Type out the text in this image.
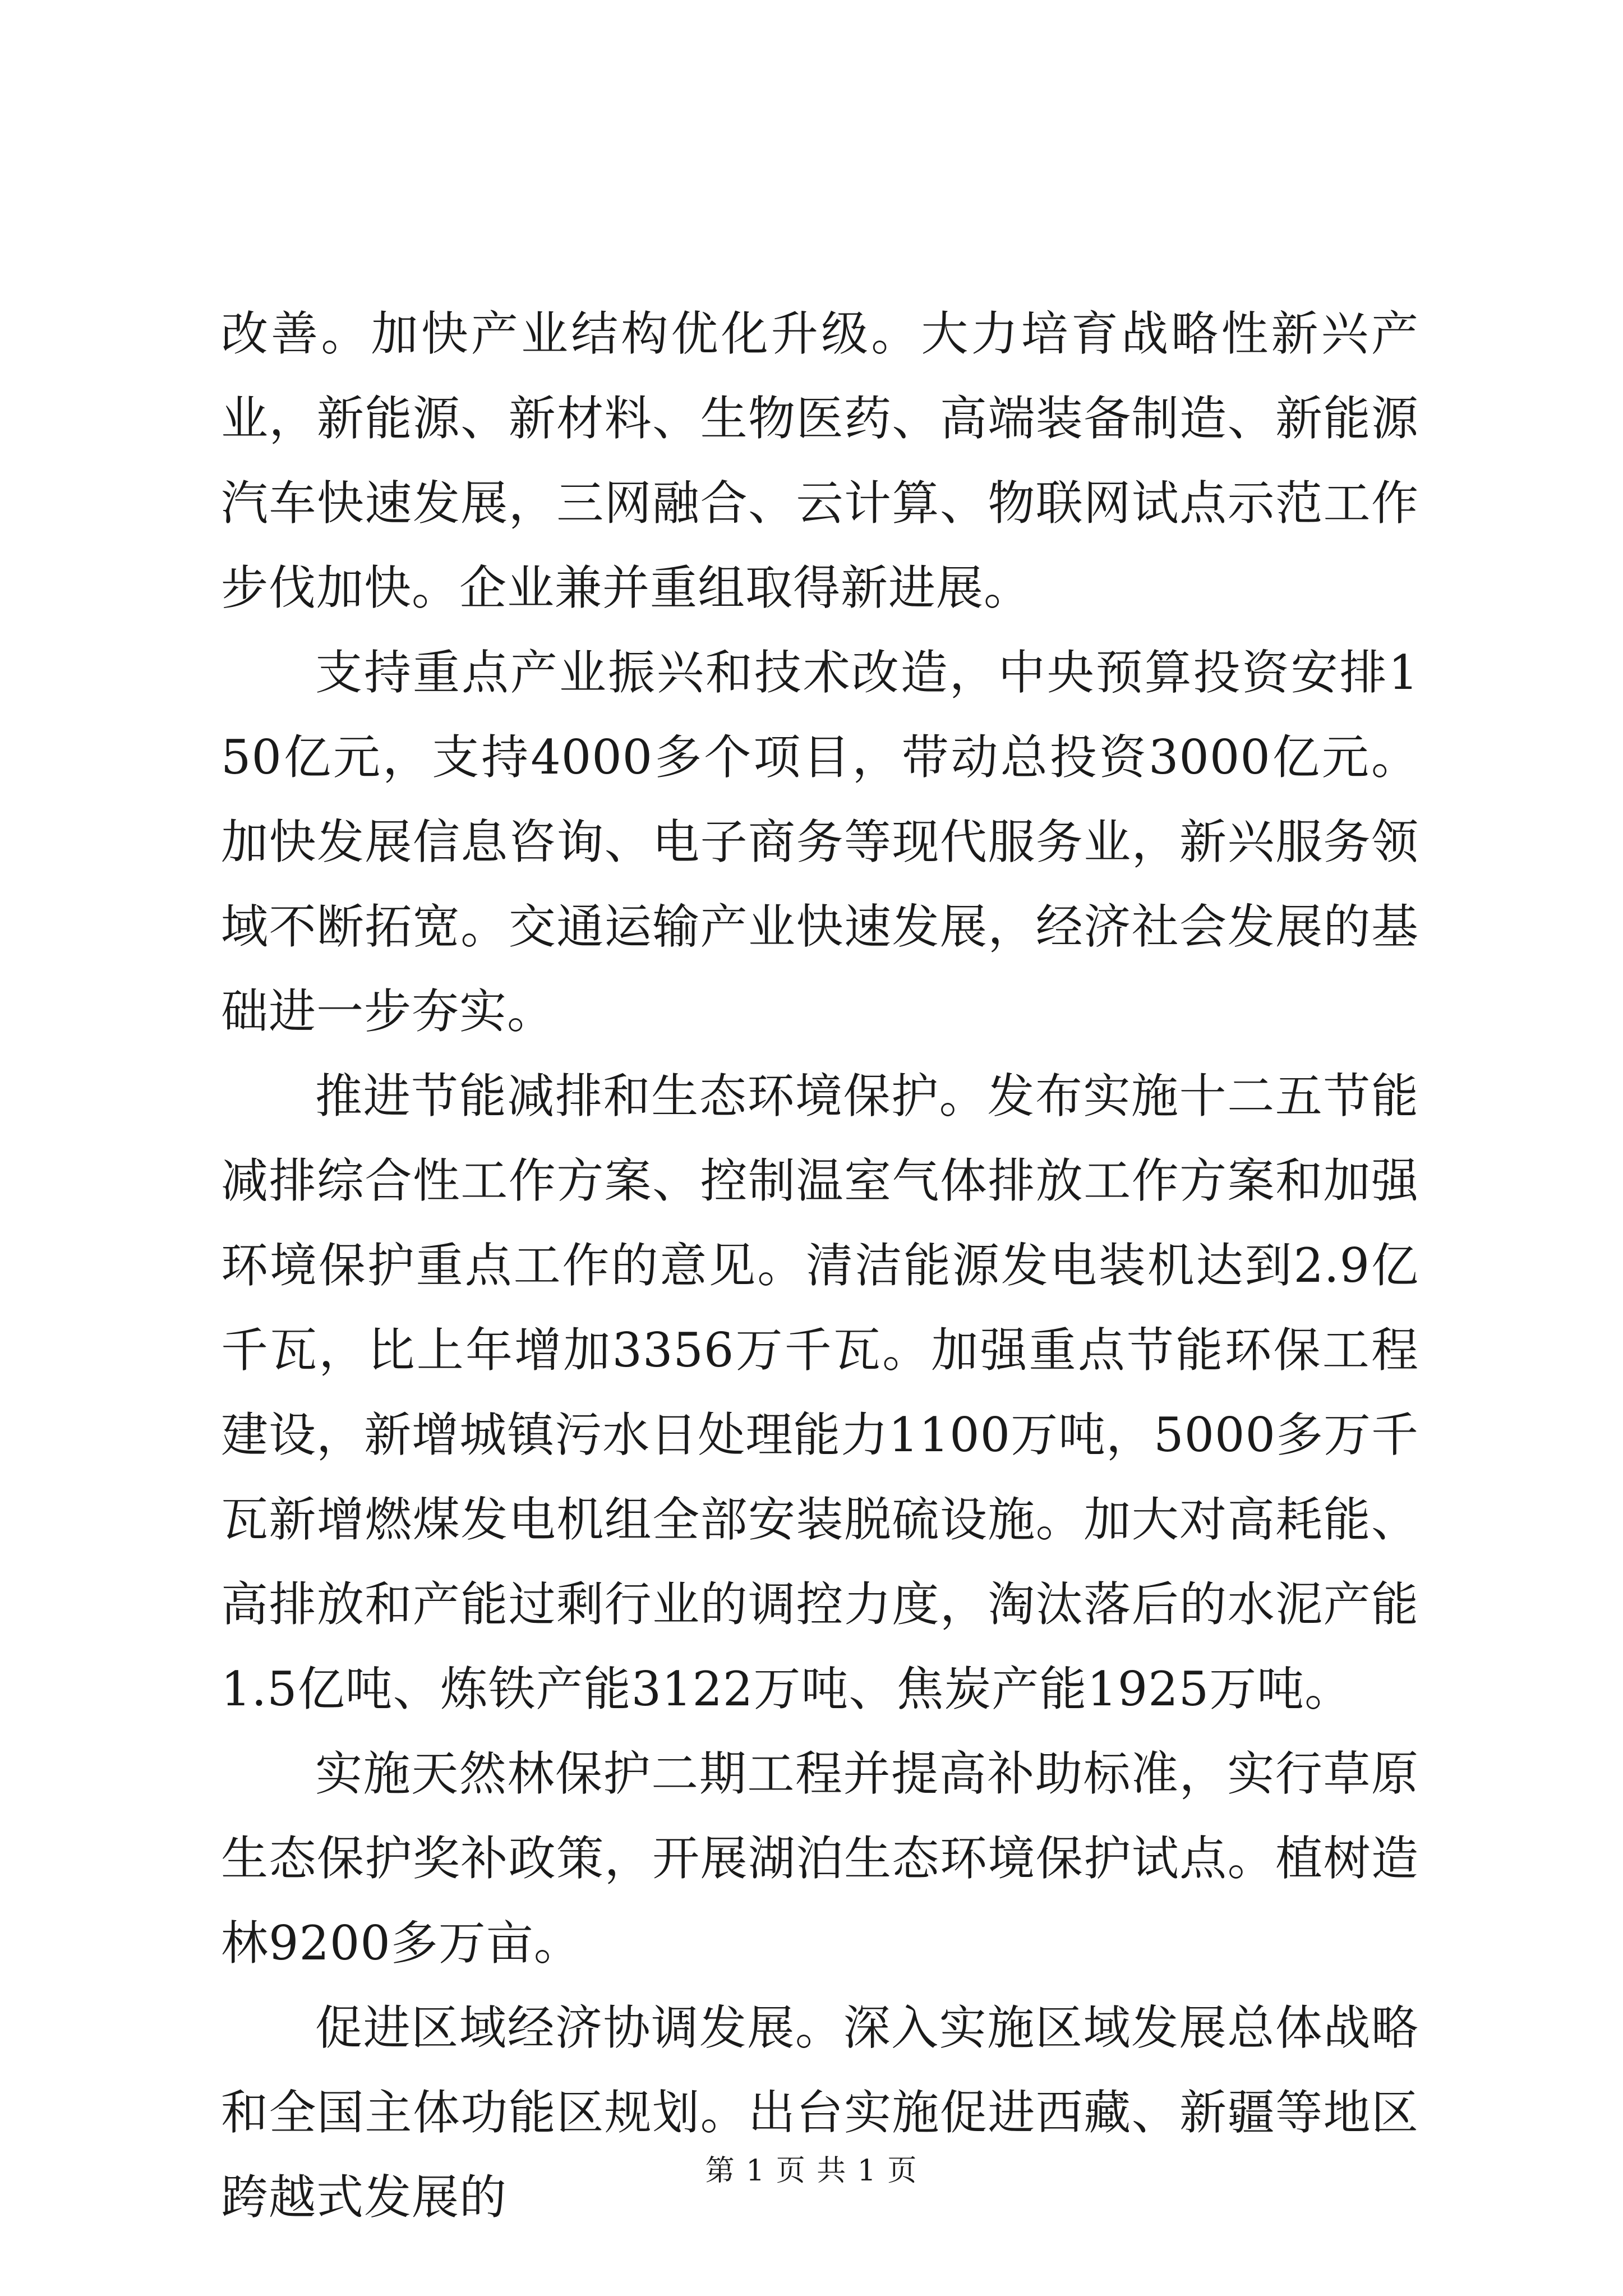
改善。加快产业结构优化升级。大力培育战略性新兴产业，新能源、新材料、生物医药、高端装备制造、新能源汽车快速发展，三网融合、云计算、物联网试点示范工作步伐加快。企业兼并重组取得新进展。

支持重点产业振兴和技术改造，中央预算投资安排150亿元，支持4000多个项目，带动总投资3000亿元。加快发展信息咨询、电子商务等现代服务业，新兴服务领域不断拓宽。交通运输产业快速发展，经济社会发展的基础进一步夯实。

推进节能减排和生态环境保护。发布实施十二五节能减排综合性工作方案、控制温室气体排放工作方案和加强环境保护重点工作的意见。清洁能源发电装机达到2.9亿千瓦，比上年增加3356万千瓦。加强重点节能环保工程建设，新增城镇污水日处理能力1100万吨，5000多万千瓦新增燃煤发电机组全部安装脱硫设施。加大对高耗能、高排放和产能过剩行业的调控力度，淘汰落后的水泥产能1.5亿吨、炼铁产能3122万吨、焦炭产能1925万吨。

实施天然林保护二期工程并提高补助标准，实行草原生态保护奖补政策，开展湖泊生态环境保护试点。植树造林9200多万亩。

促进区域经济协调发展。深入实施区域发展总体战略和全国主体功能区规划。出台实施促进西藏、新疆等地区跨越式发展的	第 1 页 共 1 页
